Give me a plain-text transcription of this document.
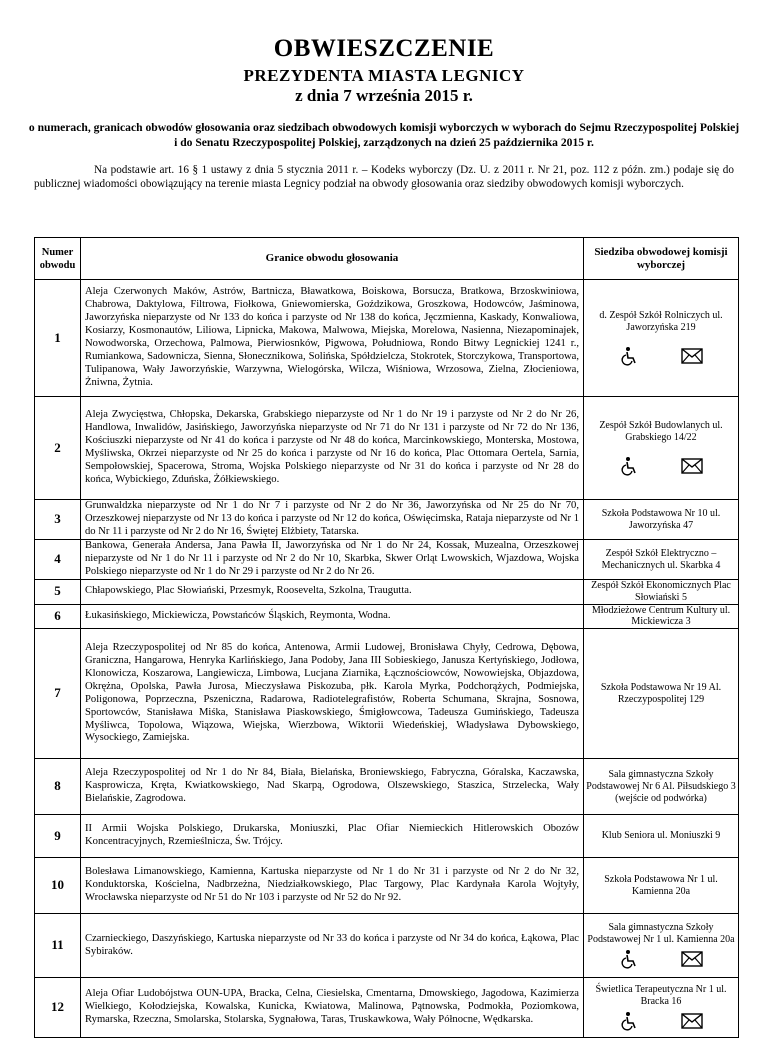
OBWIESZCZENIE
PREZYDENTA MIASTA LEGNICY
z dnia 7 września 2015 r.
o numerach, granicach obwodów głosowania oraz siedzibach obwodowych komisji wyborczych w wyborach do Sejmu Rzeczypospolitej Polskiej i do Senatu Rzeczypospolitej Polskiej, zarządzonych na dzień 25 października 2015 r.
Na podstawie art. 16 § 1 ustawy z dnia 5 stycznia 2011 r. – Kodeks wyborczy (Dz. U. z 2011 r. Nr 21, poz. 112 z późn. zm.) podaje się do publicznej wiadomości obowiązujący na terenie miasta Legnicy podział na obwody głosowania oraz siedziby obwodowych komisji wyborczych.
Numer obwodu	Granice obwodu głosowania	Siedziba obwodowej komisji wyborczej
1	Aleja Czerwonych Maków, Astrów, Bartnicza, Bławatkowa, Boiskowa, Borsucza, Bratkowa, Brzoskwiniowa, Chabrowa, Daktylowa, Filtrowa, Fiołkowa, Gniewomierska, Goździkowa, Groszkowa, Hodowców, Jaśminowa, Jaworzyńska nieparzyste od Nr 133 do końca i parzyste od Nr 138 do końca, Jęczmienna, Kaskady, Konwaliowa, Kosiarzy, Kosmonautów, Liliowa, Lipnicka, Makowa, Malwowa, Miejska, Morelowa, Nasienna, Niezapominajek, Nowodworska, Orzechowa, Palmowa, Pierwiosnków, Pigwowa, Południowa, Rondo Bitwy Legnickiej 1241 r., Rumiankowa, Sadownicza, Sienna, Słonecznikowa, Solińska, Spółdzielcza, Stokrotek, Storczykowa, Transportowa, Tulipanowa, Wały Jaworzyńskie, Warzywna, Wielogórska, Wilcza, Wiśniowa, Wrzosowa, Zielna, Złocieniowa, Żniwna, Żytnia.	d. Zespół Szkół Rolniczych ul. Jaworzyńska 219

2	Aleja Zwycięstwa, Chłopska, Dekarska, Grabskiego nieparzyste od Nr 1 do Nr 19 i parzyste od Nr 2 do Nr 26, Handlowa, Inwalidów, Jasińskiego, Jaworzyńska nieparzyste od Nr 71 do Nr 131 i parzyste od Nr 72 do Nr 136, Kościuszki nieparzyste od Nr 41 do końca i parzyste od Nr 48 do końca, Marcinkowskiego, Monterska, Mostowa, Myśliwska, Okrzei nieparzyste od Nr 25 do końca i parzyste od Nr 16 do końca, Plac Ottomara Oertela, Sarnia, Sempołowskiej, Spacerowa, Stroma, Wojska Polskiego nieparzyste od Nr 31 do końca i parzyste od Nr 28 do końca, Wybickiego, Zduńska, Żółkiewskiego.	Zespół Szkół Budowlanych ul. Grabskiego 14/22

3	Grunwaldzka nieparzyste od Nr 1 do Nr 7 i parzyste od Nr 2 do Nr 36, Jaworzyńska od Nr 25 do Nr 70, Orzeszkowej nieparzyste od Nr 13 do końca i parzyste od Nr 12 do końca, Oświęcimska, Rataja nieparzyste od Nr 1 do Nr 11 i parzyste od Nr 2 do Nr 16, Świętej Elżbiety, Tatarska.	Szkoła Podstawowa Nr 10 ul. Jaworzyńska 47
4	Bankowa, Generała Andersa, Jana Pawła II, Jaworzyńska od Nr 1 do Nr 24, Kossak, Muzealna, Orzeszkowej nieparzyste od Nr 1 do Nr 11 i parzyste od Nr 2 do Nr 10, Skarbka, Skwer Orląt Lwowskich, Wjazdowa, Wojska Polskiego nieparzyste od Nr 1 do Nr 29 i parzyste od Nr 2 do Nr 26.	Zespół Szkół Elektryczno – Mechanicznych ul. Skarbka 4
5	Chłapowskiego, Plac Słowiański, Przesmyk, Roosevelta, Szkolna, Traugutta.	Zespół Szkół Ekonomicznych Plac Słowiański 5
6	Łukasińskiego, Mickiewicza, Powstańców Śląskich, Reymonta, Wodna.	Młodzieżowe Centrum Kultury ul. Mickiewicza 3
7	Aleja Rzeczypospolitej od Nr 85 do końca, Antenowa, Armii Ludowej, Bronisława Chyły, Cedrowa, Dębowa, Graniczna, Hangarowa, Henryka Karlińskiego, Jana Podoby, Jana III Sobieskiego, Janusza Kertyńskiego, Jodłowa, Klonowicza, Koszarowa, Langiewicza, Limbowa, Lucjana Ziarnika, Łączności​owców, Nowowiejska, Objazdowa, Okrężna, Opolska, Pawła Jurosa, Mieczysława Piskozuba, płk. Karola Myrka, Podchorążych, Podmiejska, Poligonowa, Poprzeczna, Pszeniczna, Radarowa, Radiotelegrafistów, Roberta Schumana, Skrajna, Sosnowa, Sportowców, Stanisława Miśka, Stanisława Piaskowskiego, Śmigłowcowa, Tadeusza Gumińskiego, Tadeusza Myśliwca, Topolowa, Wiązowa, Wiejska, Wierzbowa, Wiktorii Wiedeńskiej, Władysława Dybowskiego, Wysockiego, Zamiejska.	Szkoła Podstawowa Nr 19 Al. Rzeczypospolitej 129
8	Aleja Rzeczypospolitej od Nr 1 do Nr 84, Biała, Bielańska, Broniewskiego, Fabryczna, Góralska, Kaczawska, Kasprowicza, Kręta, Kwiatkowskiego, Nad Skarpą, Ogrodowa, Olszewskiego, Staszica, Strzelecka, Wały Bielańskie, Zagrodowa.	Sala gimnastyczna Szkoły Podstawowej Nr 6 Al. Piłsudskiego 3 (wejście od podwórka)
9	II Armii Wojska Polskiego, Drukarska, Moniuszki, Plac Ofiar Niemieckich Hitlerowskich Obozów Koncentracyjnych, Rzemieślnicza, Św. Trójcy.	Klub Seniora ul. Moniuszki 9
10	Bolesława Limanowskiego, Kamienna, Kartuska nieparzyste od Nr 1 do Nr 31 i parzyste od Nr 2 do Nr 32, Konduktorska, Kościelna, Nadbrzeżna, Niedziałkowskiego, Plac Targowy, Plac Kardynała Karola Wojtyły, Wrocławska nieparzyste od Nr 51 do Nr 103 i parzyste od Nr 52 do Nr 92.	Szkoła Podstawowa Nr 1 ul. Kamienna 20a
11	Czarnieckiego, Daszyńskiego, Kartuska nieparzyste od Nr 33 do końca i parzyste od Nr 34 do końca, Łąkowa, Plac Sybiraków.	Sala gimnastyczna Szkoły Podstawowej Nr 1 ul. Kamienna 20a

12	Aleja Ofiar Ludobójstwa OUN-UPA, Bracka, Celna, Ciesielska, Cmentarna, Dmowskiego, Jagodowa, Kazimierza Wielkiego, Kołodziejska, Kowalska, Kunicka, Kwiatowa, Malinowa, Pątnowska, Podmokła, Poziomkowa, Rymarska, Rzeczna, Smolarska, Stolarska, Sygnałowa, Taras, Truskawkowa, Wały Północne, Wędkarska.	Świetlica Terapeutyczna Nr 1 ul. Bracka 16
